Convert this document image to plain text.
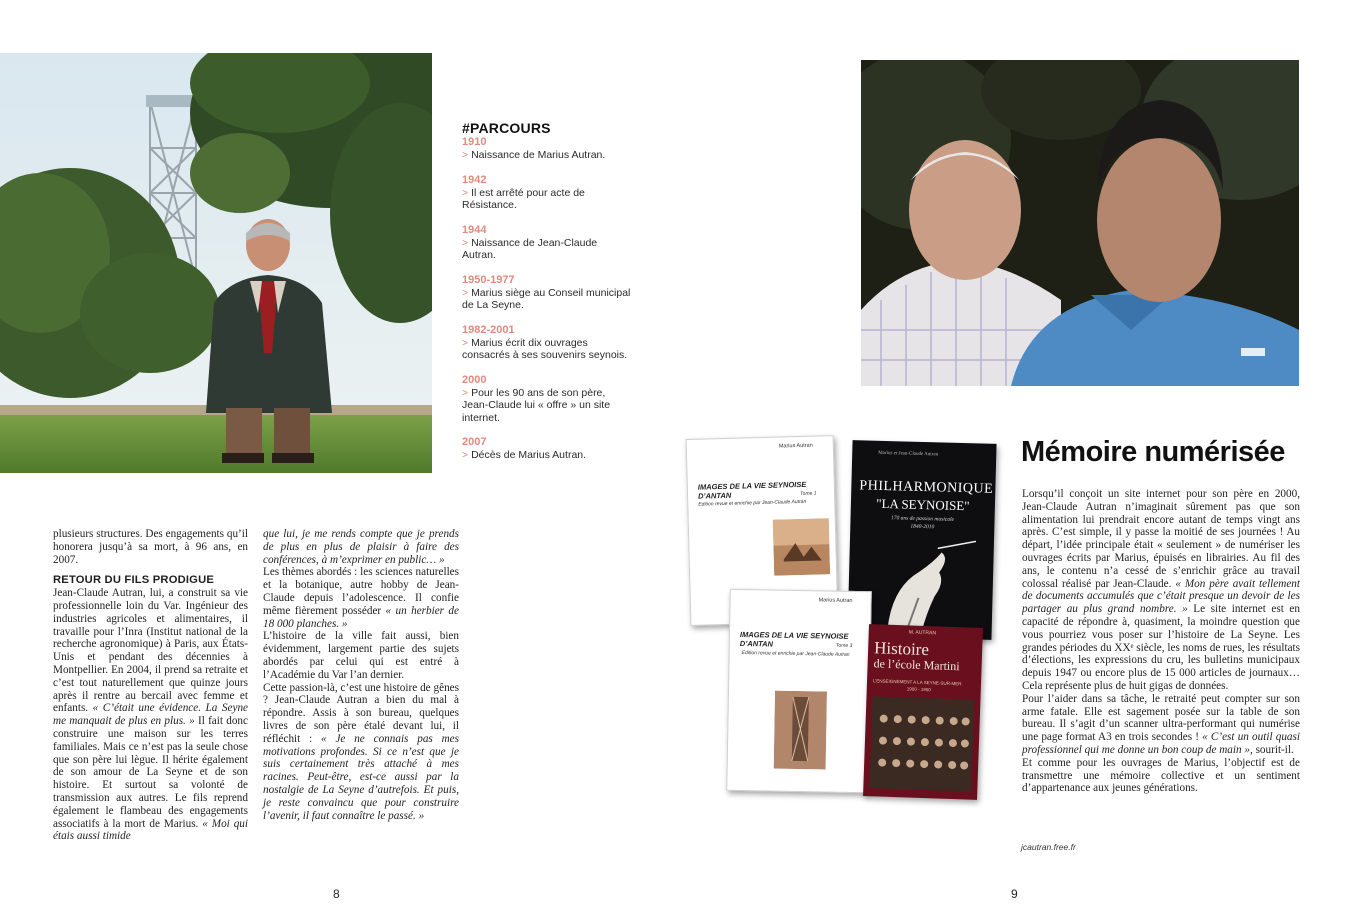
#PARCOURS
1910
> Naissance de Marius Autran.
1942
> Il est arrêté pour acte de Résistance.
1944
> Naissance de Jean-Claude Autran.
1950-1977
> Marius siège au Conseil municipal de La Seyne.
1982-2001
> Marius écrit dix ouvrages consacrés à ses souvenirs seynois.
2000
> Pour les 90 ans de son père, Jean-Claude lui « offre » un site internet.
2007
> Décès de Marius Autran.

plusieurs structures. Des engagements qu’il honorera jusqu’à sa mort, à 96 ans, en 2007.

RETOUR DU FILS PRODIGUE

Jean-Claude Autran, lui, a construit sa vie professionnelle loin du Var. Ingénieur des industries agricoles et alimentaires, il travaille pour l’Inra (Institut national de la recherche agronomique) à Paris, aux États-Unis et pendant des décennies à Montpellier. En 2004, il prend sa retraite et c’est tout naturellement que quinze jours après il rentre au bercail avec femme et enfants. « C’était une évidence. La Seyne me manquait de plus en plus. » Il fait donc construire une maison sur les terres familiales. Mais ce n’est pas la seule chose que son père lui lègue. Il hérite également de son amour de La Seyne et de son histoire. Et surtout sa volonté de transmission aux autres. Le fils reprend également le flambeau des engagements associatifs à la mort de Marius. « Moi qui étais aussi timide

que lui, je me rends compte que je prends de plus en plus de plaisir à faire des conférences, à m’exprimer en public… »

Les thèmes abordés : les sciences naturelles et la botanique, autre hobby de Jean-Claude depuis l’adolescence. Il confie même fièrement posséder « un herbier de 18 000 planches. »

L’histoire de la ville fait aussi, bien évidemment, largement partie des sujets abordés par celui qui est entré à l’Académie du Var l’an dernier.

Cette passion-là, c’est une histoire de gênes ? Jean-Claude Autran a bien du mal à répondre. Assis à son bureau, quelques livres de son père étalé devant lui, il réfléchit : « Je ne connais pas mes motivations profondes. Si ce n’est que je suis certainement très attaché à mes racines. Peut-être, est-ce aussi par la nostalgie de La Seyne d’autrefois. Et puis, je reste convaincu que pour construire l’avenir, il faut connaître le passé. »

8
Marius Autran
IMAGES DE LA VIE SEYNOISE D’ANTAN	Tome 1
Edition revue et enrichie par Jean-Claude Autran
Marius et Jean-Claude Autran
PHILHARMONIQUE
"LA SEYNOISE"
170 ans de passion musicale
1840-2010
Marius Autran
IMAGES DE LA VIE SEYNOISE D’ANTAN	Tome 3
Edition revue et enrichie par Jean-Claude Autran
M. AUTRAN
Histoire
de l’école Martini
L’ENSEIGNEMENT A LA SEYNE-SUR-MER
1900 - 1950
Mémoire numérisée

Lorsqu’il conçoit un site internet pour son père en 2000, Jean-Claude Autran n’imaginait sûrement pas que son alimentation lui prendrait encore autant de temps vingt ans après. C’est simple, il y passe la moitié de ses journées ! Au départ, l’idée principale était « seulement » de numériser les ouvrages écrits par Marius, épuisés en librairies. Au fil des ans, le contenu n’a cessé de s’enrichir grâce au travail colossal réalisé par Jean-Claude. « Mon père avait tellement de documents accumulés que c’était presque un devoir de les partager au plus grand nombre. » Le site internet est en capacité de répondre à, quasiment, la moindre question que vous pourriez vous poser sur l’histoire de La Seyne. Les grandes périodes du XXᵉ siècle, les noms de rues, les résultats d’élections, les expressions du cru, les bulletins municipaux depuis 1947 ou encore plus de 15 000 articles de journaux… Cela représente plus de huit gigas de données.

Pour l’aider dans sa tâche, le retraité peut compter sur son arme fatale. Elle est sagement posée sur la table de son bureau. Il s’agit d’un scanner ultra-performant qui numérise une page format A3 en trois secondes ! « C’est un outil quasi professionnel qui me donne un bon coup de main », sourit-il.

Et comme pour les ouvrages de Marius, l’objectif est de transmettre une mémoire collective et un sentiment d’appartenance aux jeunes générations.

jcautran.free.fr
9
